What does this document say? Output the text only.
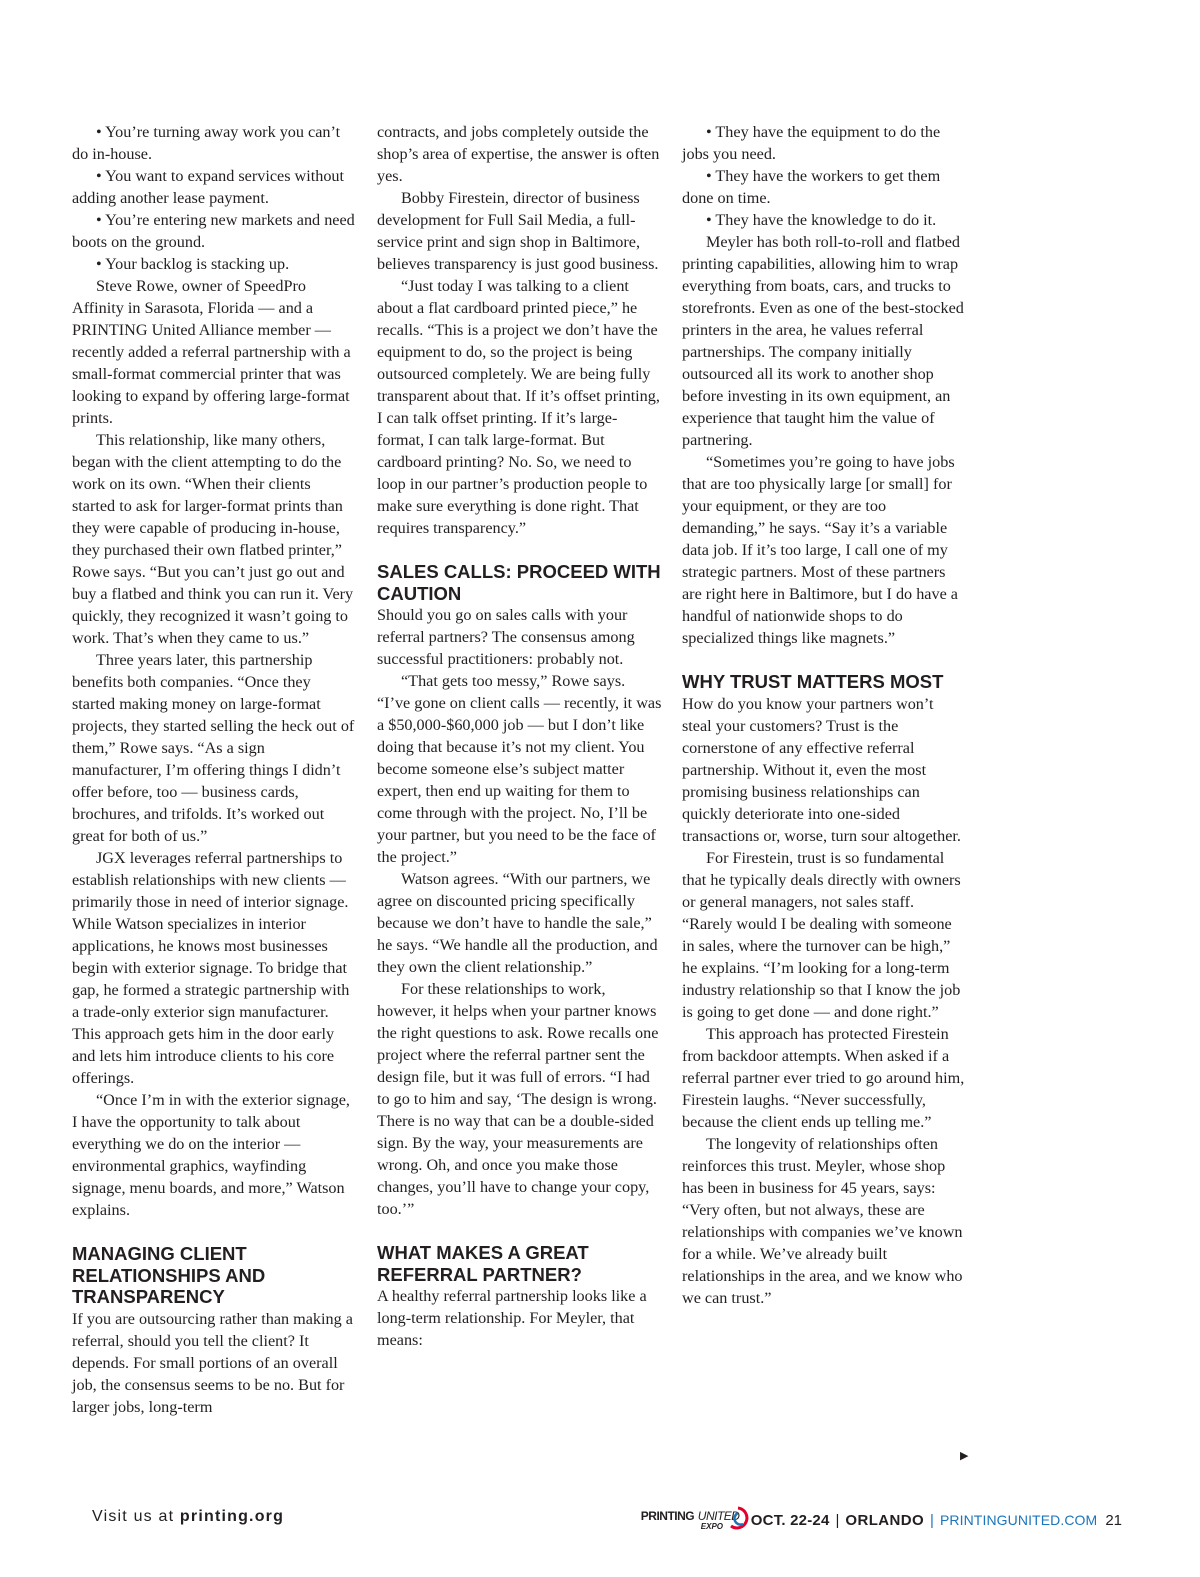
• You’re turning away work you can’t do in-house.

• You want to expand services without adding another lease payment.

• You’re entering new markets and need boots on the ground.

• Your backlog is stacking up.

Steve Rowe, owner of SpeedPro Affinity in Sarasota, Florida — and a PRINTING United Alliance member — recently added a referral partnership with a small-format commercial printer that was looking to expand by offering large-format prints.

This relationship, like many others, began with the client attempting to do the work on its own. “When their clients started to ask for larger-format prints than they were capable of producing in-house, they purchased their own flatbed printer,” Rowe says. “But you can’t just go out and buy a flatbed and think you can run it. Very quickly, they recognized it wasn’t going to work. That’s when they came to us.”

Three years later, this partnership benefits both companies. “Once they started making money on large-format projects, they started selling the heck out of them,” Rowe says. “As a sign manufacturer, I’m offering things I didn’t offer before, too — business cards, brochures, and trifolds. It’s worked out great for both of us.”

JGX leverages referral partnerships to establish relationships with new clients — primarily those in need of interior signage. While Watson specializes in interior applications, he knows most businesses begin with exterior signage. To bridge that gap, he formed a strategic partnership with a trade-only exterior sign manufacturer. This approach gets him in the door early and lets him introduce clients to his core offerings.

“Once I’m in with the exterior signage, I have the opportunity to talk about everything we do on the interior — environmental graphics, wayfinding signage, menu boards, and more,” Watson explains.

MANAGING CLIENT RELATIONSHIPS AND TRANSPARENCY

If you are outsourcing rather than making a referral, should you tell the client? It depends. For small portions of an overall job, the consensus seems to be no. But for larger jobs, long-term

contracts, and jobs completely outside the shop’s area of expertise, the answer is often yes.

Bobby Firestein, director of business development for Full Sail Media, a full-service print and sign shop in Baltimore, believes transparency is just good business.

“Just today I was talking to a client about a flat cardboard printed piece,” he recalls. “This is a project we don’t have the equipment to do, so the project is being outsourced completely. We are being fully transparent about that. If it’s offset printing, I can talk offset printing. If it’s large-format, I can talk large-format. But cardboard printing? No. So, we need to loop in our partner’s production people to make sure everything is done right. That requires transparency.”

SALES CALLS: PROCEED WITH CAUTION

Should you go on sales calls with your referral partners? The consensus among successful practitioners: probably not.

“That gets too messy,” Rowe says. “I’ve gone on client calls — recently, it was a $50,000-$60,000 job — but I don’t like doing that because it’s not my client. You become someone else’s subject matter expert, then end up waiting for them to come through with the project. No, I’ll be your partner, but you need to be the face of the project.”

Watson agrees. “With our partners, we agree on discounted pricing specifically because we don’t have to handle the sale,” he says. “We handle all the production, and they own the client relationship.”

For these relationships to work, however, it helps when your partner knows the right questions to ask. Rowe recalls one project where the referral partner sent the design file, but it was full of errors. “I had to go to him and say, ‘The design is wrong. There is no way that can be a double-sided sign. By the way, your measurements are wrong. Oh, and once you make those changes, you’ll have to change your copy, too.’”

WHAT MAKES A GREAT REFERRAL PARTNER?

A healthy referral partnership looks like a long-term relationship. For Meyler, that means:

• They have the equipment to do the jobs you need.

• They have the workers to get them done on time.

• They have the knowledge to do it.

Meyler has both roll-to-roll and flatbed printing capabilities, allowing him to wrap everything from boats, cars, and trucks to storefronts. Even as one of the best-stocked printers in the area, he values referral partnerships. The company initially outsourced all its work to another shop before investing in its own equipment, an experience that taught him the value of partnering.

“Sometimes you’re going to have jobs that are too physically large [or small] for your equipment, or they are too demanding,” he says. “Say it’s a variable data job. If it’s too large, I call one of my strategic partners. Most of these partners are right here in Baltimore, but I do have a handful of nationwide shops to do specialized things like magnets.”

WHY TRUST MATTERS MOST

How do you know your partners won’t steal your customers? Trust is the cornerstone of any effective referral partnership. Without it, even the most promising business relationships can quickly deteriorate into one-sided transactions or, worse, turn sour altogether.

For Firestein, trust is so fundamental that he typically deals directly with owners or general managers, not sales staff. “Rarely would I be dealing with someone in sales, where the turnover can be high,” he explains. “I’m looking for a long-term industry relationship so that I know the job is going to get done — and done right.”

This approach has protected Firestein from backdoor attempts. When asked if a referral partner ever tried to go around him, Firestein laughs. “Never successfully, because the client ends up telling me.”

The longevity of relationships often reinforces this trust. Meyler, whose shop has been in business for 45 years, says: “Very often, but not always, these are relationships with companies we’ve known for a while. We’ve already built relationships in the area, and we know who we can trust.”

▶
Visit us at printing.org	PRINTING UNITED
EXPO OCT. 22-24 | ORLANDO | PRINTINGUNITED.COM 21
